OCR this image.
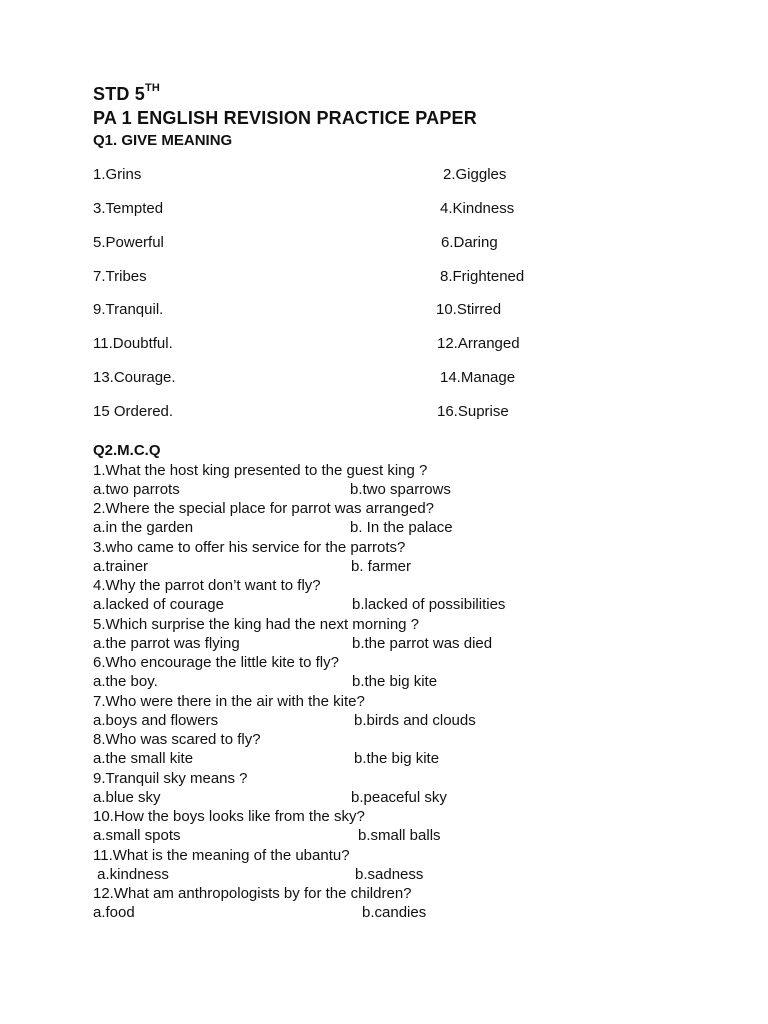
STD 5TH
PA 1 ENGLISH REVISION PRACTICE PAPER
Q1. GIVE MEANING
1.Grins	2.Giggles
3.Tempted	4.Kindness
5.Powerful	6.Daring
7.Tribes	8.Frightened
9.Tranquil.	10.Stirred
11.Doubtful.	12.Arranged
13.Courage.	14.Manage
15 Ordered.	16.Suprise
Q2.M.C.Q
1.What the host king presented to the guest king ?
a.two parrots	b.two sparrows
2.Where the special place for parrot was arranged?
a.in the garden	b. In the palace
3.who came to offer his service for the parrots?
a.trainer	b. farmer
4.Why the parrot don’t want to fly?
a.lacked of courage	b.lacked of possibilities
5.Which surprise the king had the next morning ?
a.the parrot was flying	b.the parrot was died
6.Who encourage the little kite to fly?
a.the boy.	b.the big kite
7.Who were there in the air with the kite?
a.boys and flowers	b.birds and clouds
8.Who was scared to fly?
a.the small kite	b.the big kite
9.Tranquil sky means ?
a.blue sky	b.peaceful sky
10.How the boys looks like from the sky?
a.small spots	b.small balls
11.What is the meaning of the ubantu?
a.kindness	b.sadness
12.What am anthropologists by for the children?
a.food	b.candies
